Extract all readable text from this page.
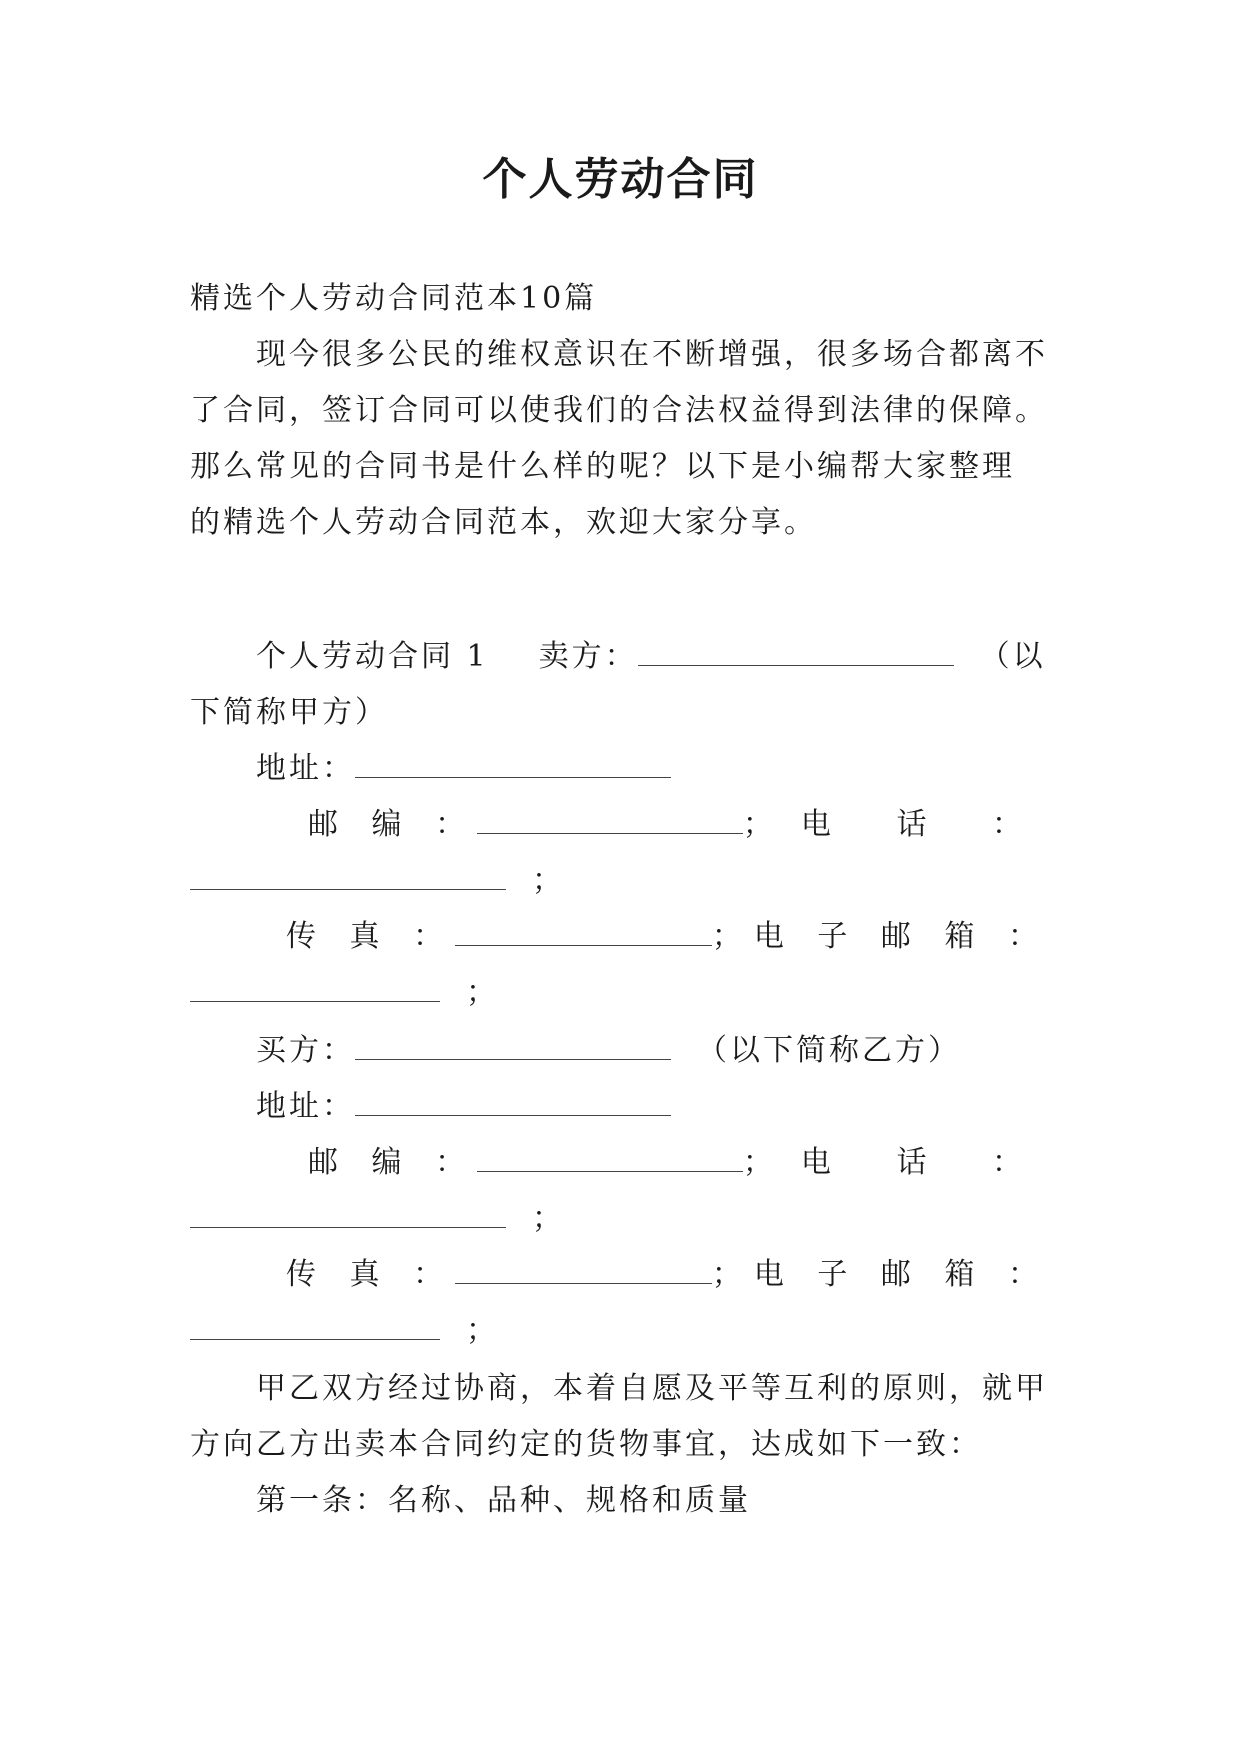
个人劳动合同
精选个人劳动合同范本10篇
现今很多公民的维权意识在不断增强，很多场合都离不
了合同，签订合同可以使我们的合法权益得到法律的保障。
那么常见的合同书是什么样的呢？以下是小编帮大家整理
的精选个人劳动合同范本，欢迎大家分享。
个人劳动合同 1 卖方：	（以
下简称甲方）
地址：
邮 编 ：	；电 话 ：
；
传 真 ：	；电 子 邮 箱 ：
；
买方：	（以下简称乙方）
地址：
邮 编 ：	；电 话 ：
；
传 真 ：	；电 子 邮 箱 ：
；
甲乙双方经过协商，本着自愿及平等互利的原则，就甲
方向乙方出卖本合同约定的货物事宜，达成如下一致：
第一条：名称、品种、规格和质量
